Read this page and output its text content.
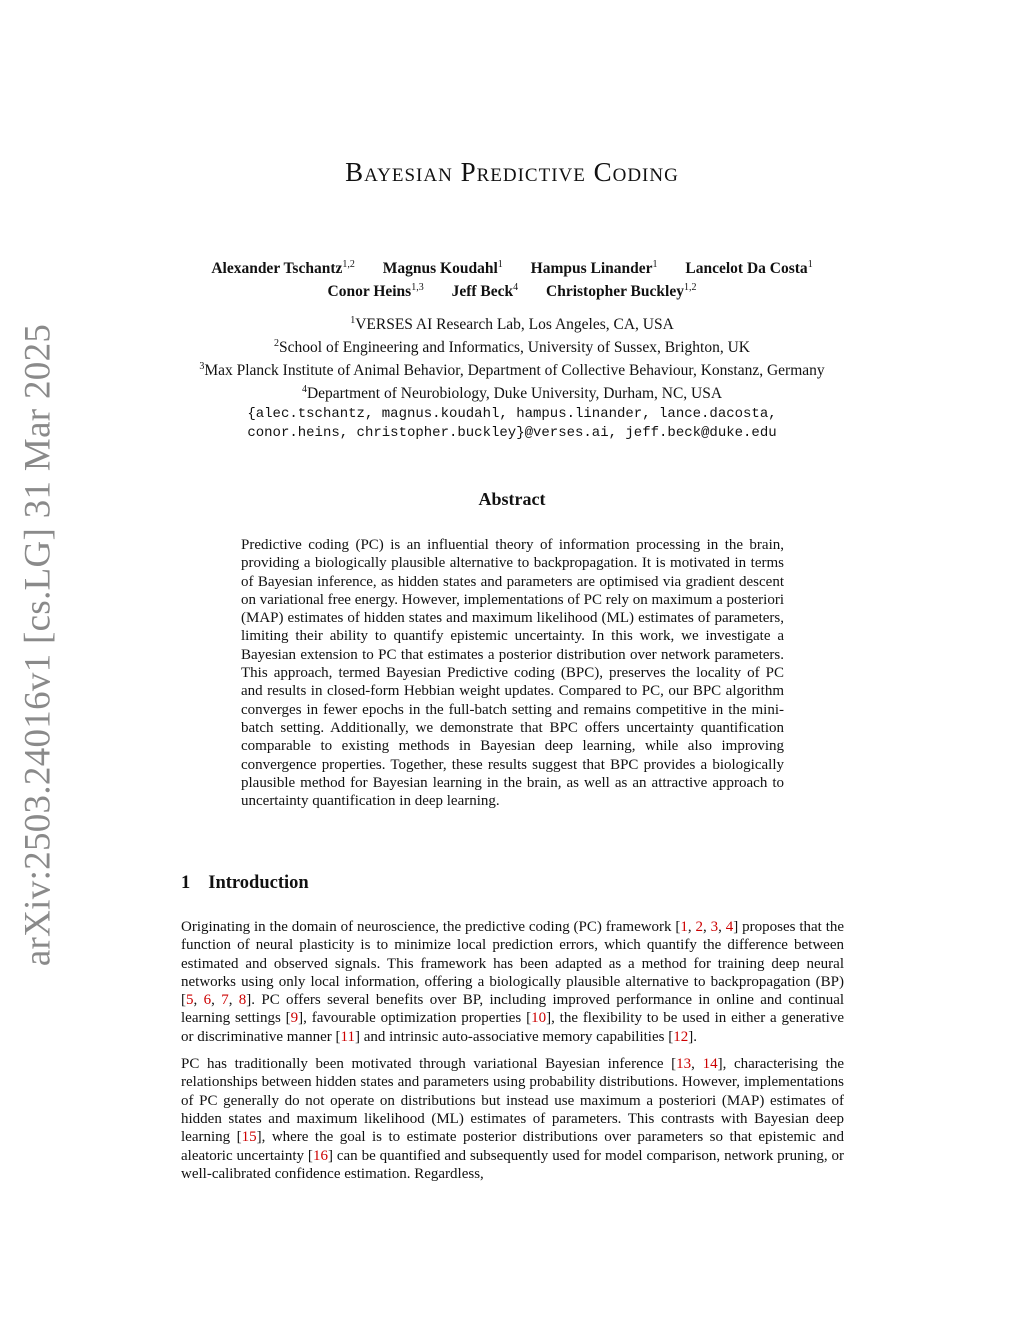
arXiv:2503.24016v1 [cs.LG] 31 Mar 2025
Bayesian Predictive Coding
Alexander Tschantz$^{1,2}$ Magnus Koudahl$^1$ Hampus Linander$^1$ Lancelot Da Costa$^1$
Conor Heins$^{1,3}$ Jeff Beck$^4$ Christopher Buckley$^{1,2}$
$^1$VERSES AI Research Lab, Los Angeles, CA, USA
$^2$School of Engineering and Informatics, University of Sussex, Brighton, UK
$^3$Max Planck Institute of Animal Behavior, Department of Collective Behaviour, Konstanz, Germany
$^4$Department of Neurobiology, Duke University, Durham, NC, USA
{alec.tschantz, magnus.koudahl, hampus.linander, lance.dacosta,
conor.heins, christopher.buckley}@verses.ai, jeff.beck@duke.edu
Abstract
Predictive coding (PC) is an influential theory of information processing in the brain, providing a biologically plausible alternative to backpropagation. It is motivated in terms of Bayesian inference, as hidden states and parameters are optimised via gradient descent on variational free energy. However, implementations of PC rely on maximum a posteriori (MAP) estimates of hidden states and maximum likelihood (ML) estimates of parameters, limiting their ability to quantify epistemic uncertainty. In this work, we investigate a Bayesian extension to PC that estimates a posterior distribution over network parameters. This approach, termed Bayesian Predictive coding (BPC), preserves the locality of PC and results in closed-form Hebbian weight updates. Compared to PC, our BPC algorithm converges in fewer epochs in the full-batch setting and remains competitive in the mini-batch setting. Additionally, we demonstrate that BPC offers uncertainty quantification comparable to existing methods in Bayesian deep learning, while also improving convergence properties. Together, these results suggest that BPC provides a biologically plausible method for Bayesian learning in the brain, as well as an attractive approach to uncertainty quantification in deep learning.
1 Introduction

Originating in the domain of neuroscience, the predictive coding (PC) framework [1, 2, 3, 4] proposes that the function of neural plasticity is to minimize local prediction errors, which quantify the difference between estimated and observed signals. This framework has been adapted as a method for training deep neural networks using only local information, offering a biologically plausible alternative to backpropagation (BP) [5, 6, 7, 8]. PC offers several benefits over BP, including improved performance in online and continual learning settings [9], favourable optimization properties [10], the flexibility to be used in either a generative or discriminative manner [11] and intrinsic auto-associative memory capabilities [12].

PC has traditionally been motivated through variational Bayesian inference [13, 14], characterising the relationships between hidden states and parameters using probability distributions. However, implementations of PC generally do not operate on distributions but instead use maximum a posteriori (MAP) estimates of hidden states and maximum likelihood (ML) estimates of parameters. This contrasts with Bayesian deep learning [15], where the goal is to estimate posterior distributions over parameters so that epistemic and aleatoric uncertainty [16] can be quantified and subsequently used for model comparison, network pruning, or well-calibrated confidence estimation. Regardless,
